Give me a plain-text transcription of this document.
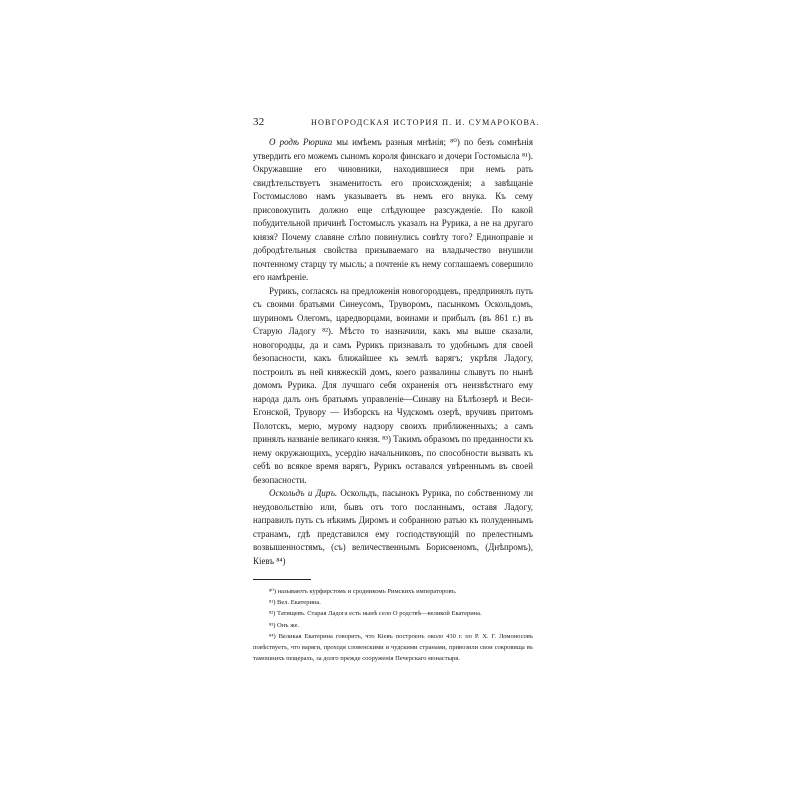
32	НОВГОРОДСКАЯ ИСТОРИЯ П. И. СУМАРОКОВА.

О родѣ Рюрика мы имѣемъ разныя мнѣнія; ⁸⁰) по безъ сомнѣнія утвердить его можемъ сыномъ короля финскаго и дочери Гостомысла ⁸¹). Окружавшие его чиновники, находившиеся при немъ рать свидѣтельствуетъ знаменитость его происхожденія; а завѣщаніе Гостомыслово намъ указываетъ въ немъ его внука. Къ сему присовокупить должно еще слѣдующее разсужденіе. По какой побудительной причинѣ Гостомыслъ указалъ на Рурика, а не на другаго князя? Почему славяне слѣпо повинулись совѣту того? Единоправіе и добродѣтельныя свойства призываемаго на владычество внушили почтенному старцу ту мысль; а почтеніе къ нему соглашаемъ совершило его намѣреніе.

Рурикъ, согласясь на предложенія новогородцевъ, предпринялъ путь съ своими братьями Синеусомъ, Труворомъ, пасынкомъ Оскольдомъ, шуриномъ Олегомъ, царедворцами, воинами и прибылъ (въ 861 г.) въ Старую Ладогу ⁸²). Мѣсто то назначили, какъ мы выше сказали, новогородцы, да и самъ Рурикъ признавалъ то удобнымъ для своей безопасности, какъ ближайшее къ землѣ варягъ; укрѣпя Ладогу, построилъ въ ней княжескій домъ, коего развалины слывутъ по нынѣ домомъ Рурика. Для лучшаго себя охраненія отъ неизвѣстнаго ему народа далъ онъ братьямъ управленіе—Синаву на Бѣлѣозерѣ и Веси-Егонской, Трувору — Изборскъ на Чудскомъ озерѣ, вручивъ притомъ Полотскъ, мерю, мурому надзору своихъ приближенныхъ; а самъ принялъ названіе великаго князя. ⁸³) Такимъ образомъ по преданности къ нему окружающихъ, усердію начальниковъ, по способности вызвать къ себѣ во всякое время варягъ, Рурикъ оставался увѣреннымъ въ своей безопасности.

Оскольдъ и Диръ. Оскольдъ, пасынокъ Рурика, по собственному ли неудовольствію или, бывъ отъ того посланнымъ, оставя Ладогу, направилъ путь съ нѣкимъ Диромъ и собранною ратью къ полуденнымъ странамъ, гдѣ представился ему господствующій по прелестнымъ возвышенностямъ, (съ) величественнымъ Борисѳеномъ, (Днѣпромъ), Кіевъ ⁸⁴)

⁸⁰) называютъ курфирстомъ и сродникомъ Римскихъ императоровъ.

⁸¹) Вел. Екатерина.

⁸²) Татищевъ. Старая Ладога есть нынѣ село О родствѣ—великой Екатерина.

⁸³) Онъ же.

⁸⁴) Великая Екатерина говоритъ, что Кіевъ построенъ около 430 г. по Р. Х. Г. Ломоносовъ повѣствуетъ, что варяги, проходя словенскими и чудскими странами, привозили свои сокровища въ тамошнихъ пещерахъ, за долго прежде сооруженія Печерскаго монастыря.
